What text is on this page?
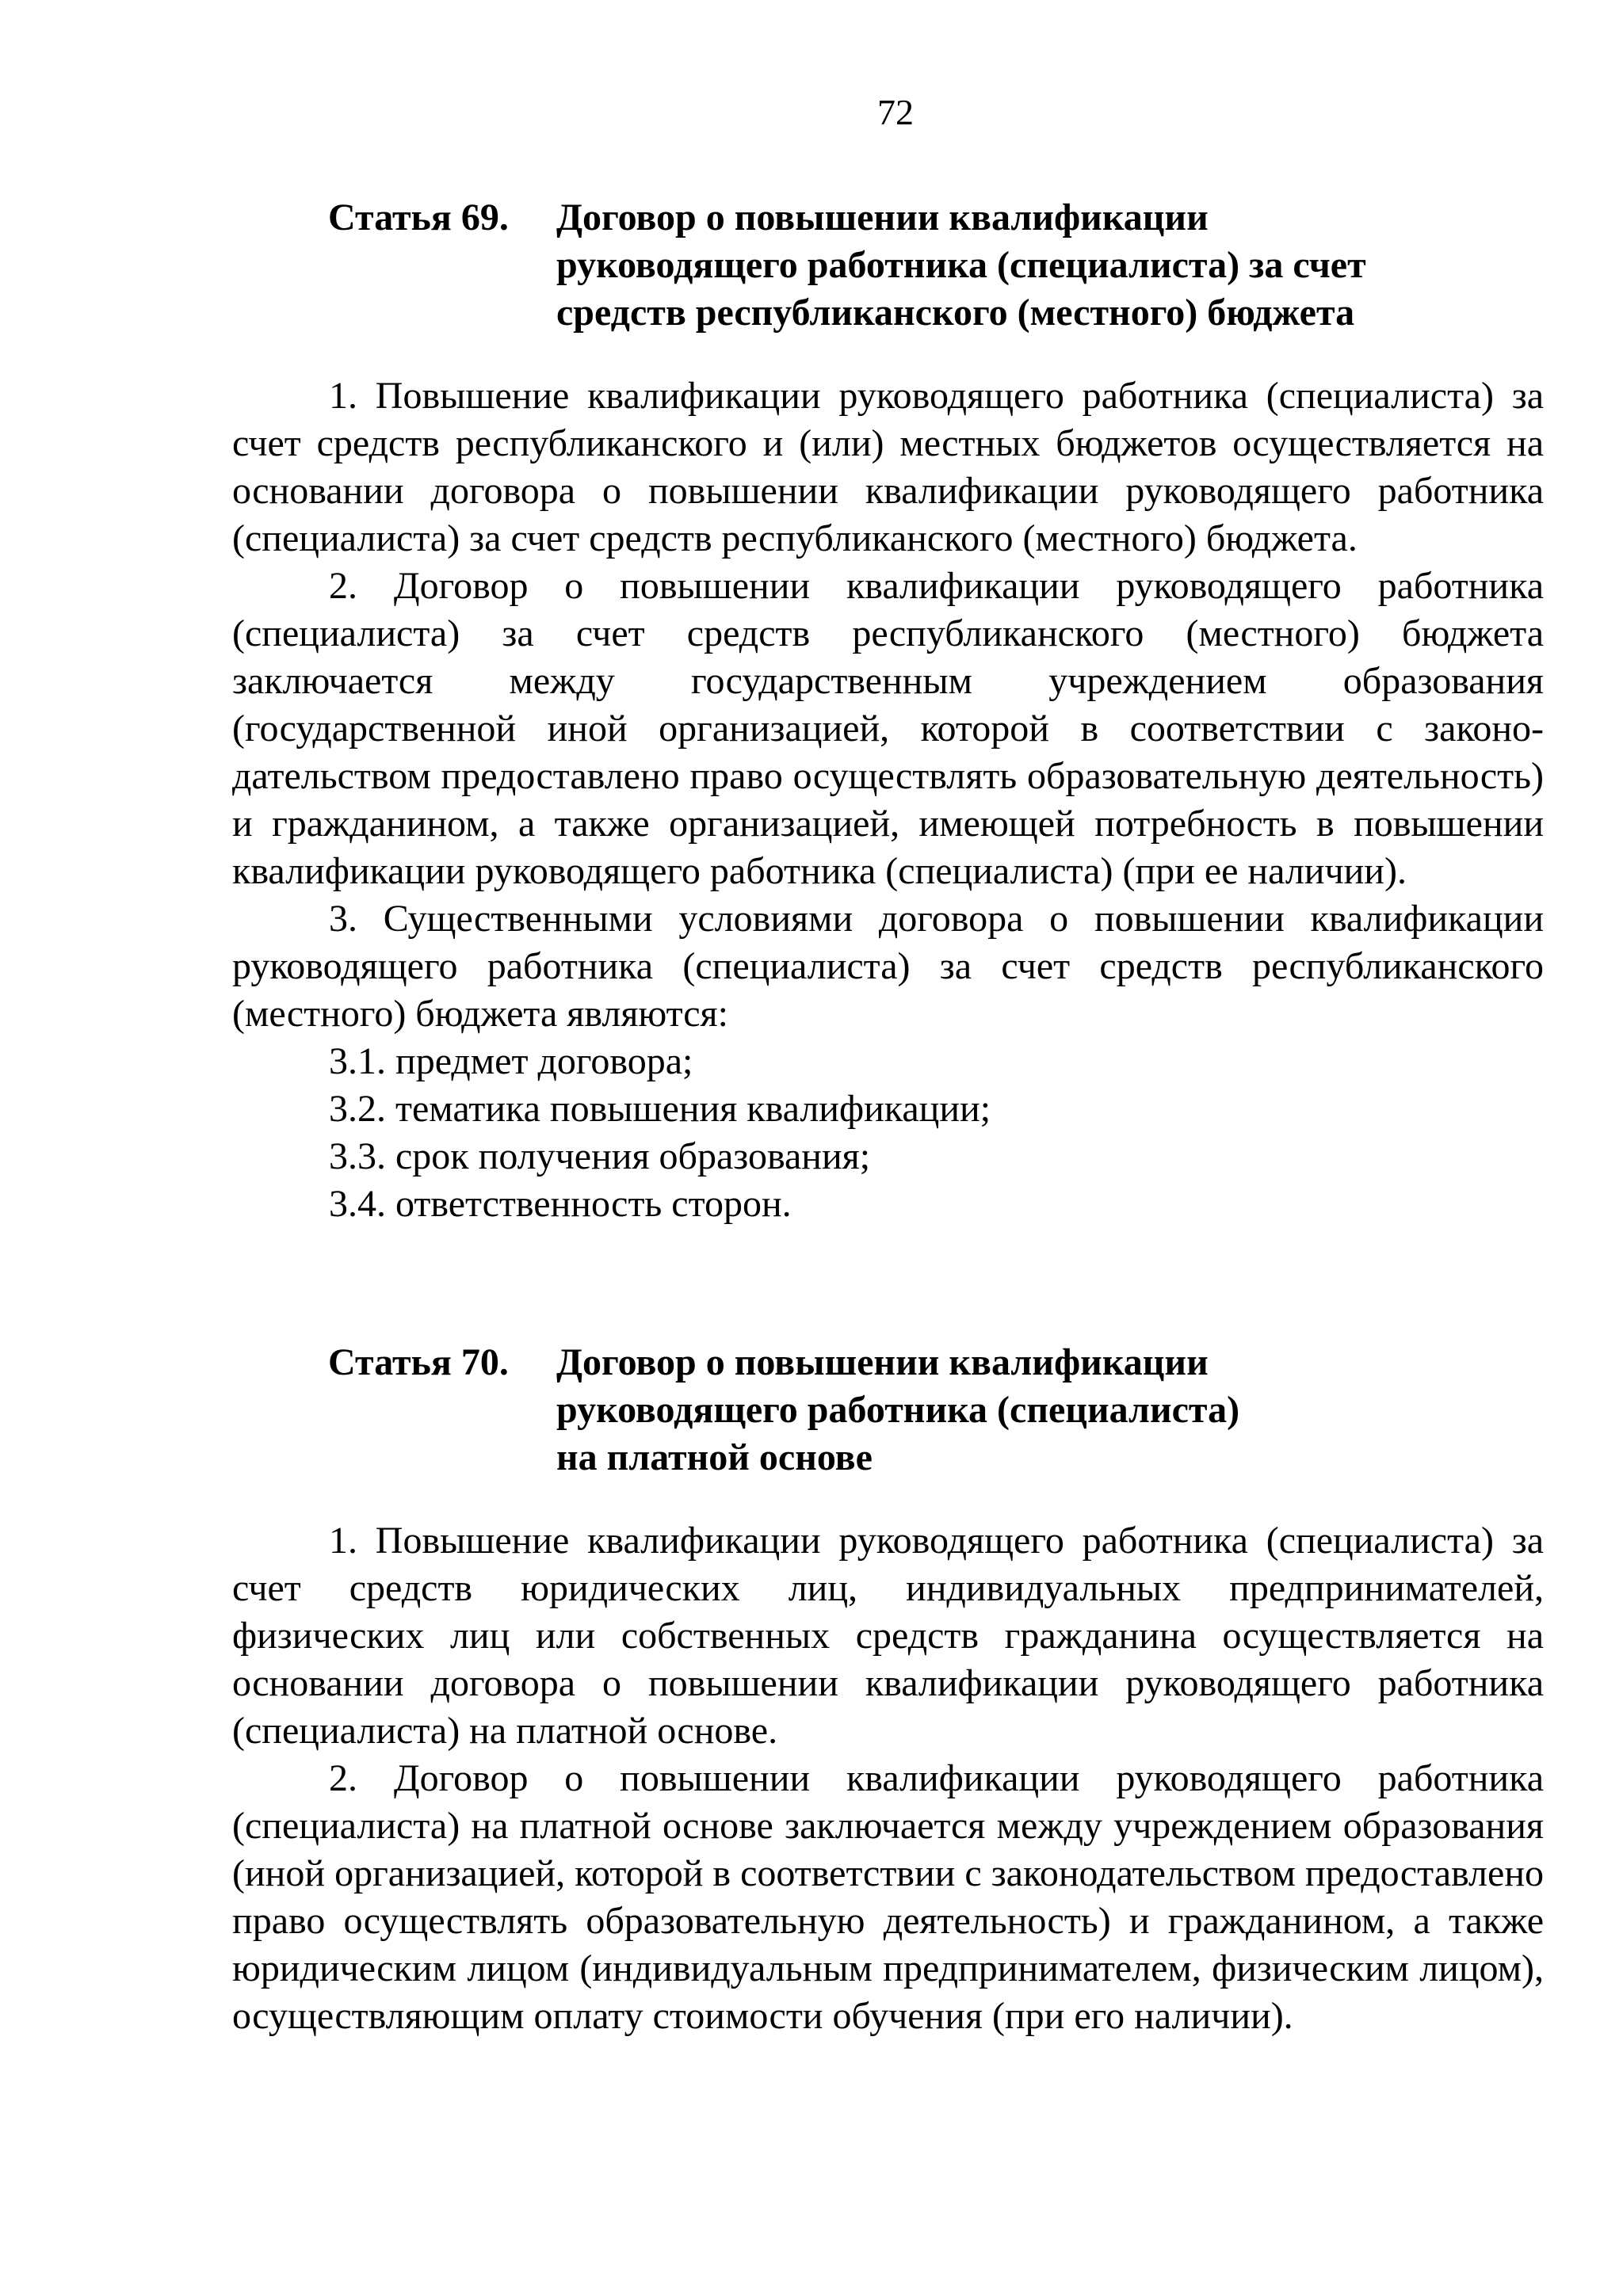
72

Статья 69.	Договор о повышении квалификации
руководящего работника (специалиста) за счет
средств республиканского (местного) бюджета

1. Повышение квалификации руководящего работника (специалиста) за счет средств республиканского и (или) местных бюджетов осуществляется на основании договора о повышении квалификации руководящего работника (специалиста) за счет средств республиканского (местного) бюджета.

2. Договор о повышении квалификации руководящего работника (специалиста) за счет средств республиканского (местного) бюджета заключается между государственным учреждением образования (государственной иной организацией, которой в соответствии с законодательством предоставлено право осуществлять образовательную деятельность) и гражданином, а также организацией, имеющей потребность в повышении квалификации руководящего работника (специалиста) (при ее наличии).

3. Существенными условиями договора о повышении квалификации руководящего работника (специалиста) за счет средств республиканского (местного) бюджета являются:

3.1. предмет договора;

3.2. тематика повышения квалификации;

3.3. срок получения образования;

3.4. ответственность сторон.

Статья 70.	Договор о повышении квалификации
руководящего работника (специалиста)
на платной основе

1. Повышение квалификации руководящего работника (специалиста) за счет средств юридических лиц, индивидуальных предпринимателей, физических лиц или собственных средств гражданина осуществляется на основании договора о повышении квалификации руководящего работника (специалиста) на платной основе.

2. Договор о повышении квалификации руководящего работника (специалиста) на платной основе заключается между учреждением образования (иной организацией, которой в соответствии с законодательством предоставлено право осуществлять образовательную деятельность) и гражданином, а также юридическим лицом (индивидуальным предпринимателем, физическим лицом), осуществляющим оплату стоимости обучения (при его наличии).
